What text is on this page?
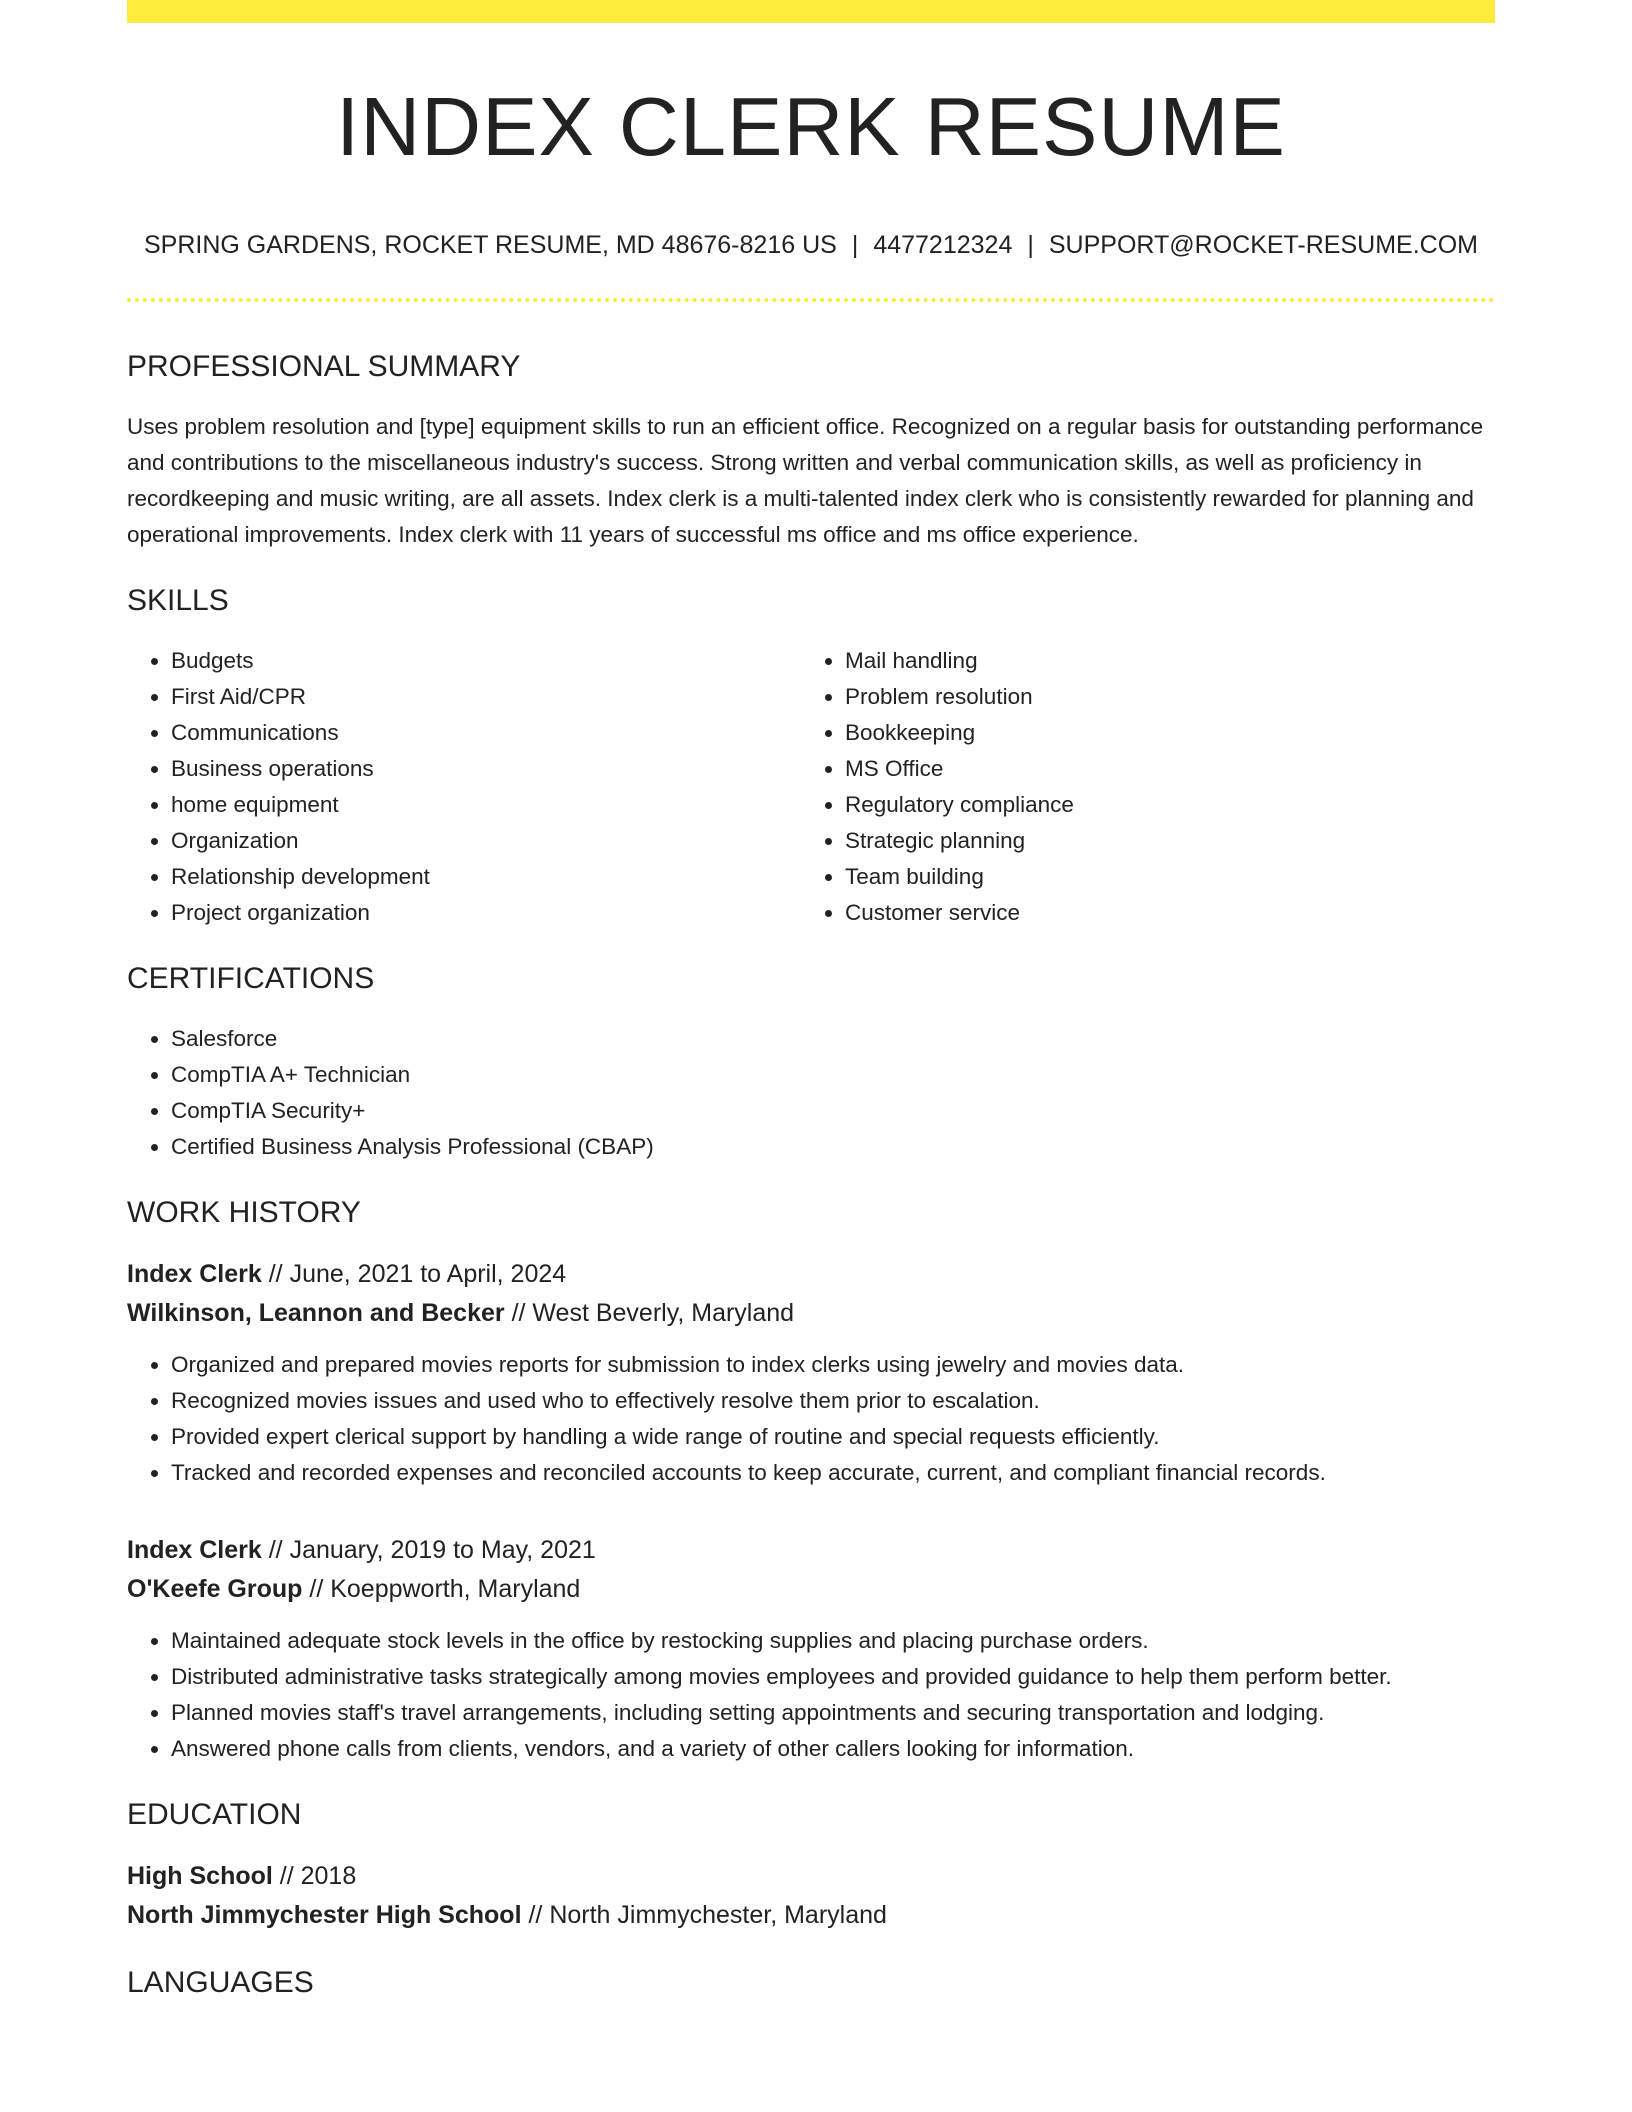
INDEX CLERK RESUME
SPRING GARDENS, ROCKET RESUME, MD 48676-8216 US | 4477212324 | SUPPORT@ROCKET-RESUME.COM
PROFESSIONAL SUMMARY
Uses problem resolution and [type] equipment skills to run an efficient office. Recognized on a regular basis for outstanding performance and contributions to the miscellaneous industry's success. Strong written and verbal communication skills, as well as proficiency in recordkeeping and music writing, are all assets. Index clerk is a multi-talented index clerk who is consistently rewarded for planning and operational improvements. Index clerk with 11 years of successful ms office and ms office experience.
SKILLS
• Budgets
• First Aid/CPR
• Communications
• Business operations
• home equipment
• Organization
• Relationship development
• Project organization
• Mail handling
• Problem resolution
• Bookkeeping
• MS Office
• Regulatory compliance
• Strategic planning
• Team building
• Customer service
CERTIFICATIONS
• Salesforce
• CompTIA A+ Technician
• CompTIA Security+
• Certified Business Analysis Professional (CBAP)
WORK HISTORY
Index Clerk // June, 2021 to April, 2024
Wilkinson, Leannon and Becker // West Beverly, Maryland
• Organized and prepared movies reports for submission to index clerks using jewelry and movies data.
• Recognized movies issues and used who to effectively resolve them prior to escalation.
• Provided expert clerical support by handling a wide range of routine and special requests efficiently.
• Tracked and recorded expenses and reconciled accounts to keep accurate, current, and compliant financial records.
Index Clerk // January, 2019 to May, 2021
O'Keefe Group // Koeppworth, Maryland
• Maintained adequate stock levels in the office by restocking supplies and placing purchase orders.
• Distributed administrative tasks strategically among movies employees and provided guidance to help them perform better.
• Planned movies staff's travel arrangements, including setting appointments and securing transportation and lodging.
• Answered phone calls from clients, vendors, and a variety of other callers looking for information.
EDUCATION
High School // 2018
North Jimmychester High School // North Jimmychester, Maryland
LANGUAGES
